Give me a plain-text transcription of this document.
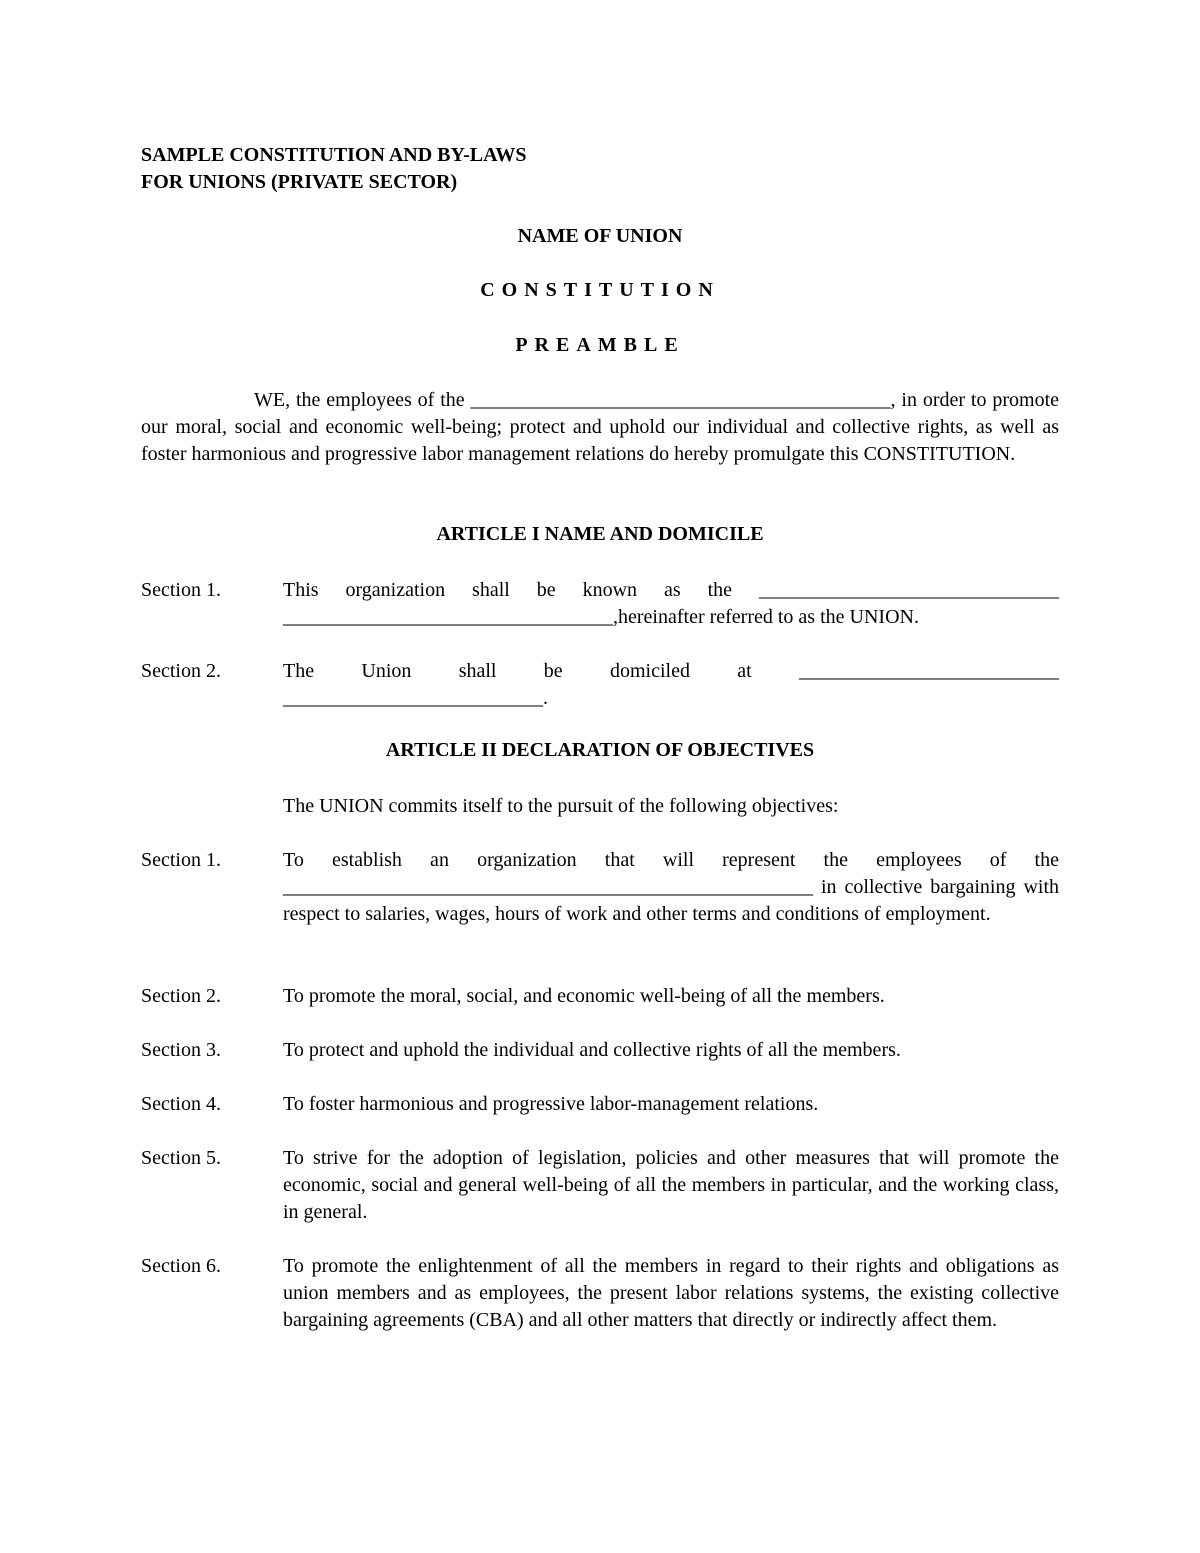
SAMPLE CONSTITUTION AND BY-LAWS
FOR UNIONS (PRIVATE SECTOR)
NAME OF UNION
CONSTITUTION
PREAMBLE
WE, the employees of the __________________________________________, in order to promote our moral, social and economic well-being; protect and uphold our individual and collective rights, as well as foster harmonious and progressive labor management relations do hereby promulgate this CONSTITUTION.
ARTICLE I NAME AND DOMICILE
Section 1.	This organization shall be known as the ______________________________
_________________________________,hereinafter referred to as the UNION.
Section 2.	The      Union      shall      be      domiciled      at      __________________________
__________________________.
ARTICLE II DECLARATION OF OBJECTIVES
The UNION commits itself to the pursuit of the following objectives:
Section 1.	To establish an organization that will represent the employees of the _____________________________________________________ in collective bargaining with respect to salaries, wages, hours of work and other terms and conditions of employment.
Section 2.	To promote the moral, social, and economic well-being of all the members.
Section 3.	To protect and uphold the individual and collective rights of all the members.
Section 4.	To foster harmonious and progressive labor-management relations.
Section 5.	To strive for the adoption of legislation, policies and other measures that will promote the economic, social and general well-being of all the members in particular, and the working class, in general.
Section 6.	To promote the enlightenment of all the members in regard to their rights and obligations as union members and as employees, the present labor relations systems, the existing collective bargaining agreements (CBA) and all other matters that directly or indirectly affect them.
